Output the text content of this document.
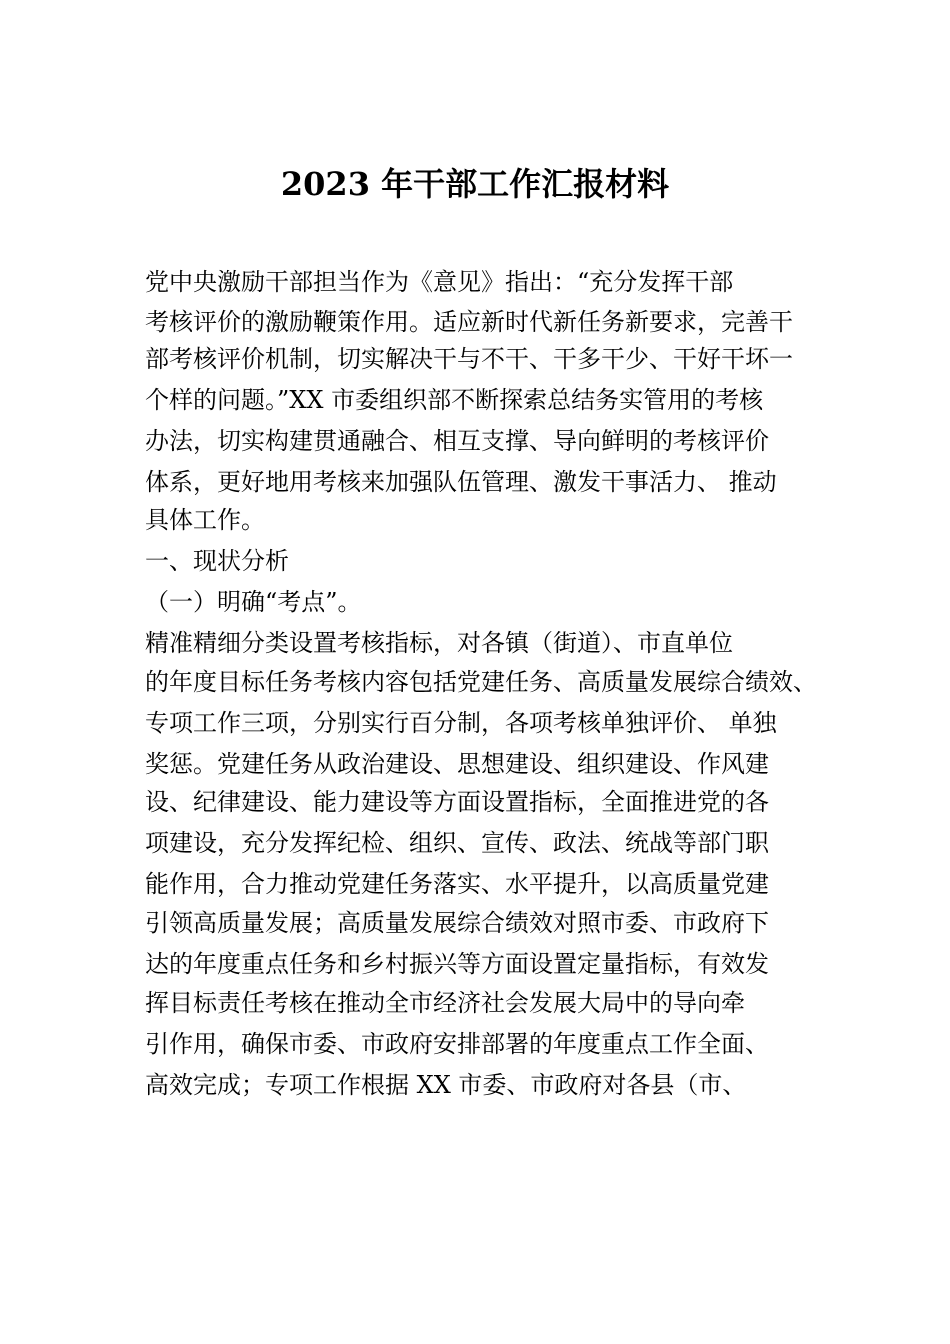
2023 年干部工作汇报材料
党中央激励干部担当作为《意见》指出：“充分发挥干部
考核评价的激励鞭策作用。适应新时代新任务新要求，完善干
部考核评价机制，切实解决干与不干、干多干少、干好干坏一
个样的问题。”XX 市委组织部不断探索总结务实管用的考核
办法，切实构建贯通融合、相互支撑、导向鲜明的考核评价
体系，更好地用考核来加强队伍管理、激发干事活力、 推动
具体工作。
一、现状分析
（一）明确“考点”。
精准精细分类设置考核指标，对各镇（街道）、市直单位
的年度目标任务考核内容包括党建任务、高质量发展综合绩效、
专项工作三项，分别实行百分制，各项考核单独评价、 单独
奖惩。党建任务从政治建设、思想建设、组织建设、作风建
设、纪律建设、能力建设等方面设置指标，全面推进党的各
项建设，充分发挥纪检、组织、宣传、政法、统战等部门职
能作用，合力推动党建任务落实、水平提升，以高质量党建
引领高质量发展；高质量发展综合绩效对照市委、市政府下
达的年度重点任务和乡村振兴等方面设置定量指标，有效发
挥目标责任考核在推动全市经济社会发展大局中的导向牵
引作用，确保市委、市政府安排部署的年度重点工作全面、
高效完成；专项工作根据 XX 市委、市政府对各县（市、
